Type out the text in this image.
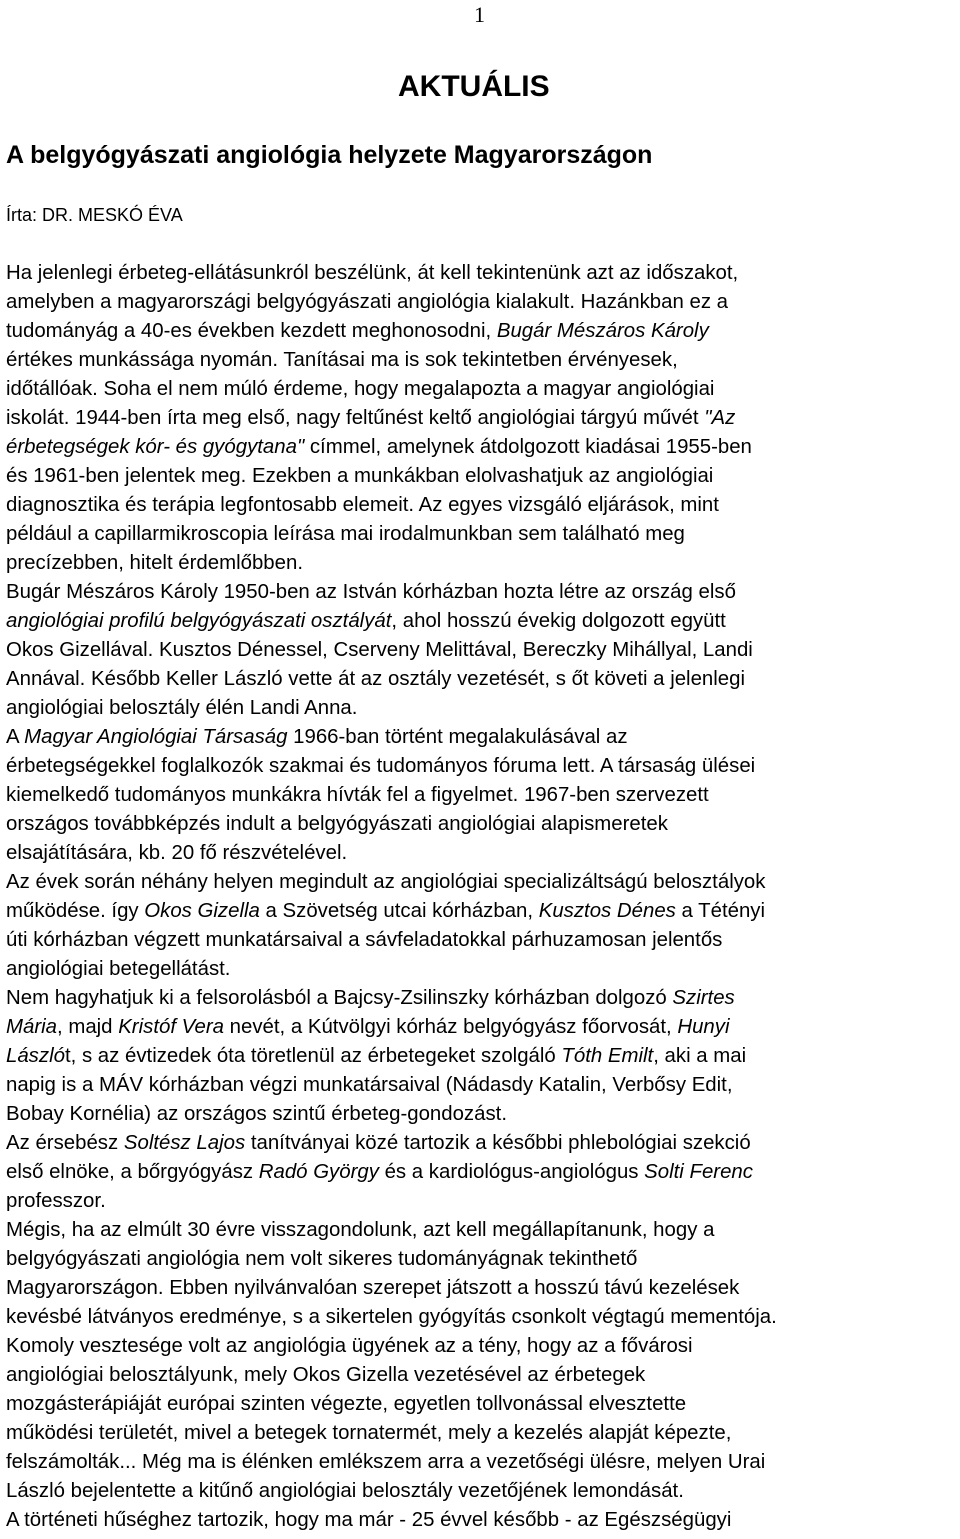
1
AKTUÁLIS
A belgyógyászati angiológia helyzete Magyarországon

Írta: DR. MESKÓ ÉVA

Ha jelenlegi érbeteg-ellátásunkról beszélünk, át kell tekintenünk azt az időszakot,
amelyben a magyarországi belgyógyászati angiológia kialakult. Hazánkban ez a
tudományág a 40-es években kezdett meghonosodni, Bugár Mészáros Károly
értékes munkássága nyomán. Tanításai ma is sok tekintetben érvényesek,
időtállóak. Soha el nem múló érdeme, hogy megalapozta a magyar angiológiai
iskolát. 1944-ben írta meg első, nagy feltűnést keltő angiológiai tárgyú művét "Az
érbetegségek kór- és gyógytana" címmel, amelynek átdolgozott kiadásai 1955-ben
és 1961-ben jelentek meg. Ezekben a munkákban elolvashatjuk az angiológiai
diagnosztika és terápia legfontosabb elemeit. Az egyes vizsgáló eljárások, mint
például a capillarmikroscopia leírása mai irodalmunkban sem található meg
precízebben, hitelt érdemlőbben.
Bugár Mészáros Károly 1950-ben az István kórházban hozta létre az ország első
angiológiai profilú belgyógyászati osztályát, ahol hosszú évekig dolgozott együtt
Okos Gizellával. Kusztos Dénessel, Cserveny Melittával, Bereczky Mihállyal, Landi
Annával. Később Keller László vette át az osztály vezetését, s őt követi a jelenlegi
angiológiai belosztály élén Landi Anna.
A Magyar Angiológiai Társaság 1966-ban történt megalakulásával az
érbetegségekkel foglalkozók szakmai és tudományos fóruma lett. A társaság ülései
kiemelkedő tudományos munkákra hívták fel a figyelmet. 1967-ben szervezett
országos továbbképzés indult a belgyógyászati angiológiai alapismeretek
elsajátítására, kb. 20 fő részvételével.
Az évek során néhány helyen megindult az angiológiai specializáltságú belosztályok
működése. így Okos Gizella a Szövetség utcai kórházban, Kusztos Dénes a Tétényi
úti kórházban végzett munkatársaival a sávfeladatokkal párhuzamosan jelentős
angiológiai betegellátást.
Nem hagyhatjuk ki a felsorolásból a Bajcsy-Zsilinszky kórházban dolgozó Szirtes
Mária, majd Kristóf Vera nevét, a Kútvölgyi kórház belgyógyász főorvosát, Hunyi
Lászlót, s az évtizedek óta töretlenül az érbetegeket szolgáló Tóth Emilt, aki a mai
napig is a MÁV kórházban végzi munkatársaival (Nádasdy Katalin, Verbősy Edit,
Bobay Kornélia) az országos szintű érbeteg-gondozást.
Az érsebész Soltész Lajos tanítványai közé tartozik a későbbi phlebológiai szekció
első elnöke, a bőrgyógyász Radó György és a kardiológus-angiológus Solti Ferenc
professzor.
Mégis, ha az elmúlt 30 évre visszagondolunk, azt kell megállapítanunk, hogy a
belgyógyászati angiológia nem volt sikeres tudományágnak tekinthető
Magyarországon. Ebben nyilvánvalóan szerepet játszott a hosszú távú kezelések
kevésbé látványos eredménye, s a sikertelen gyógyítás csonkolt végtagú mementója.
Komoly vesztesége volt az angiológia ügyének az a tény, hogy az a fővárosi
angiológiai belosztályunk, mely Okos Gizella vezetésével az érbetegek
mozgásterápiáját európai szinten végezte, egyetlen tollvonással elvesztette
működési területét, mivel a betegek tornatermét, mely a kezelés alapját képezte,
felszámolták... Még ma is élénken emlékszem arra a vezetőségi ülésre, melyen Urai
László bejelentette a kitűnő angiológiai belosztály vezetőjének lemondását.
A történeti hűséghez tartozik, hogy ma már - 25 évvel később - az Egészségügyi
